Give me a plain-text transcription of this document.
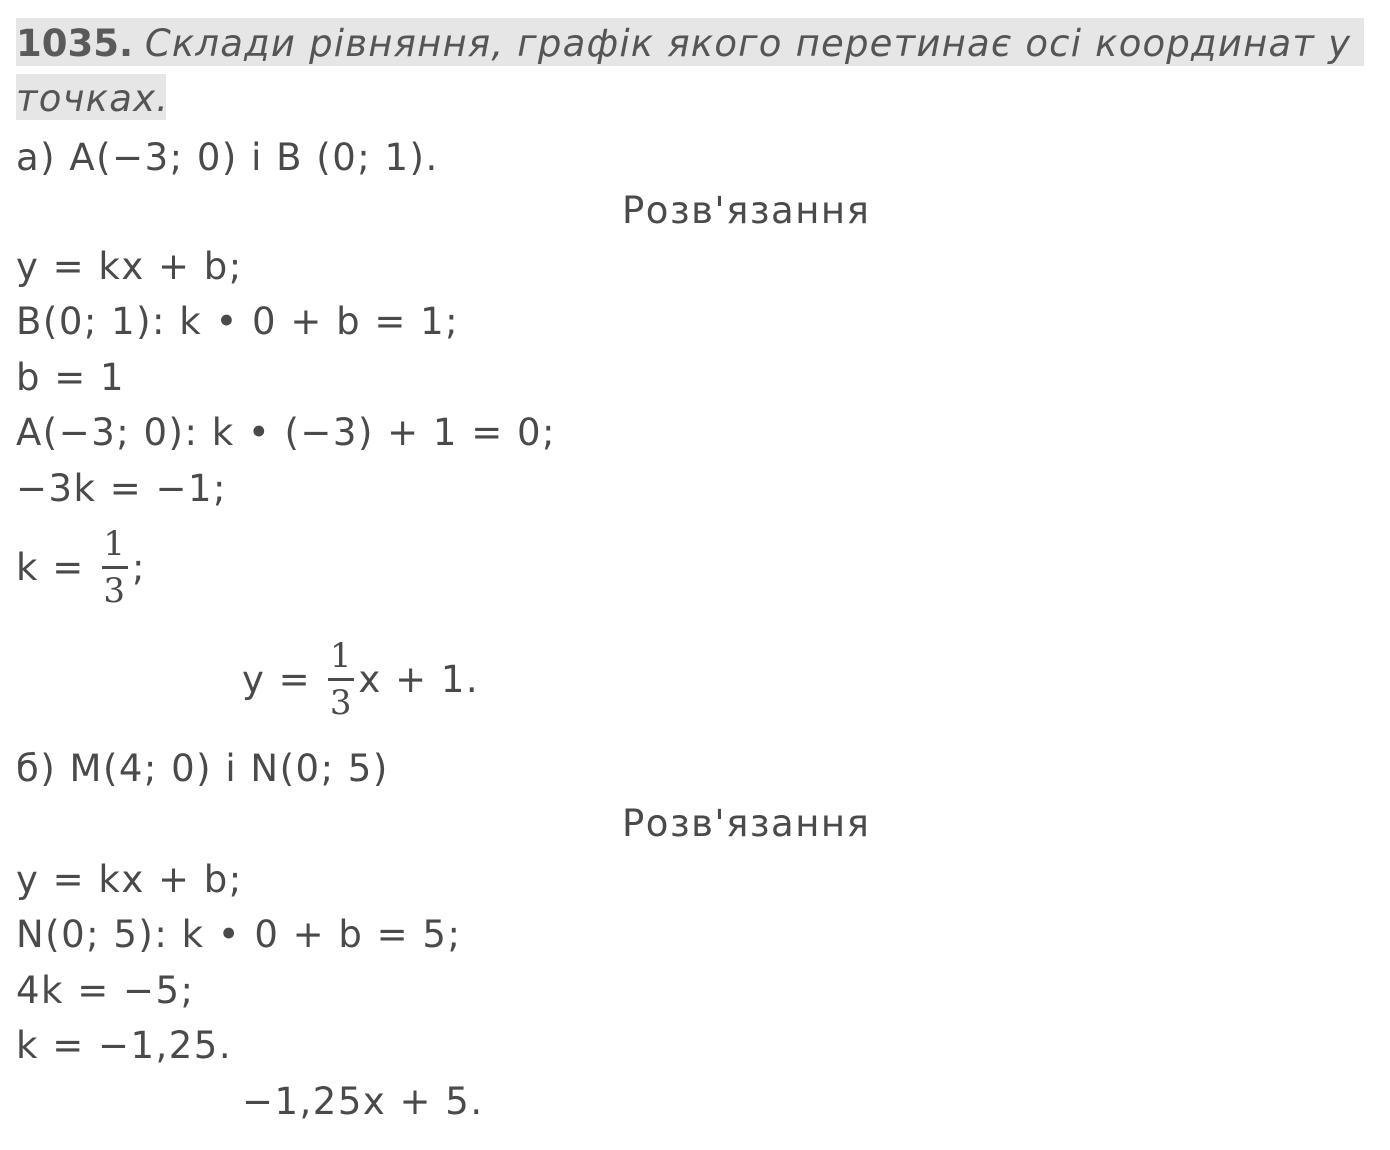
1035. Склади рівняння, графік якого перетинає осі координат у
точках.
а) A(−3; 0) і B (0; 1).
Розв'язання
y = kx + b;
B(0; 1): k • 0 + b = 1;
b = 1
A(−3; 0): k • (−3) + 1 = 0;
−3k = −1;
$k = \frac{1}{3}$ ;
$y = \frac{1}{3}$ x + 1.
б) M(4; 0) і N(0; 5)
Розв'язання
y = kx + b;
N(0; 5): k • 0 + b = 5;
4k = −5;
k = −1,25.
−1,25x + 5.
